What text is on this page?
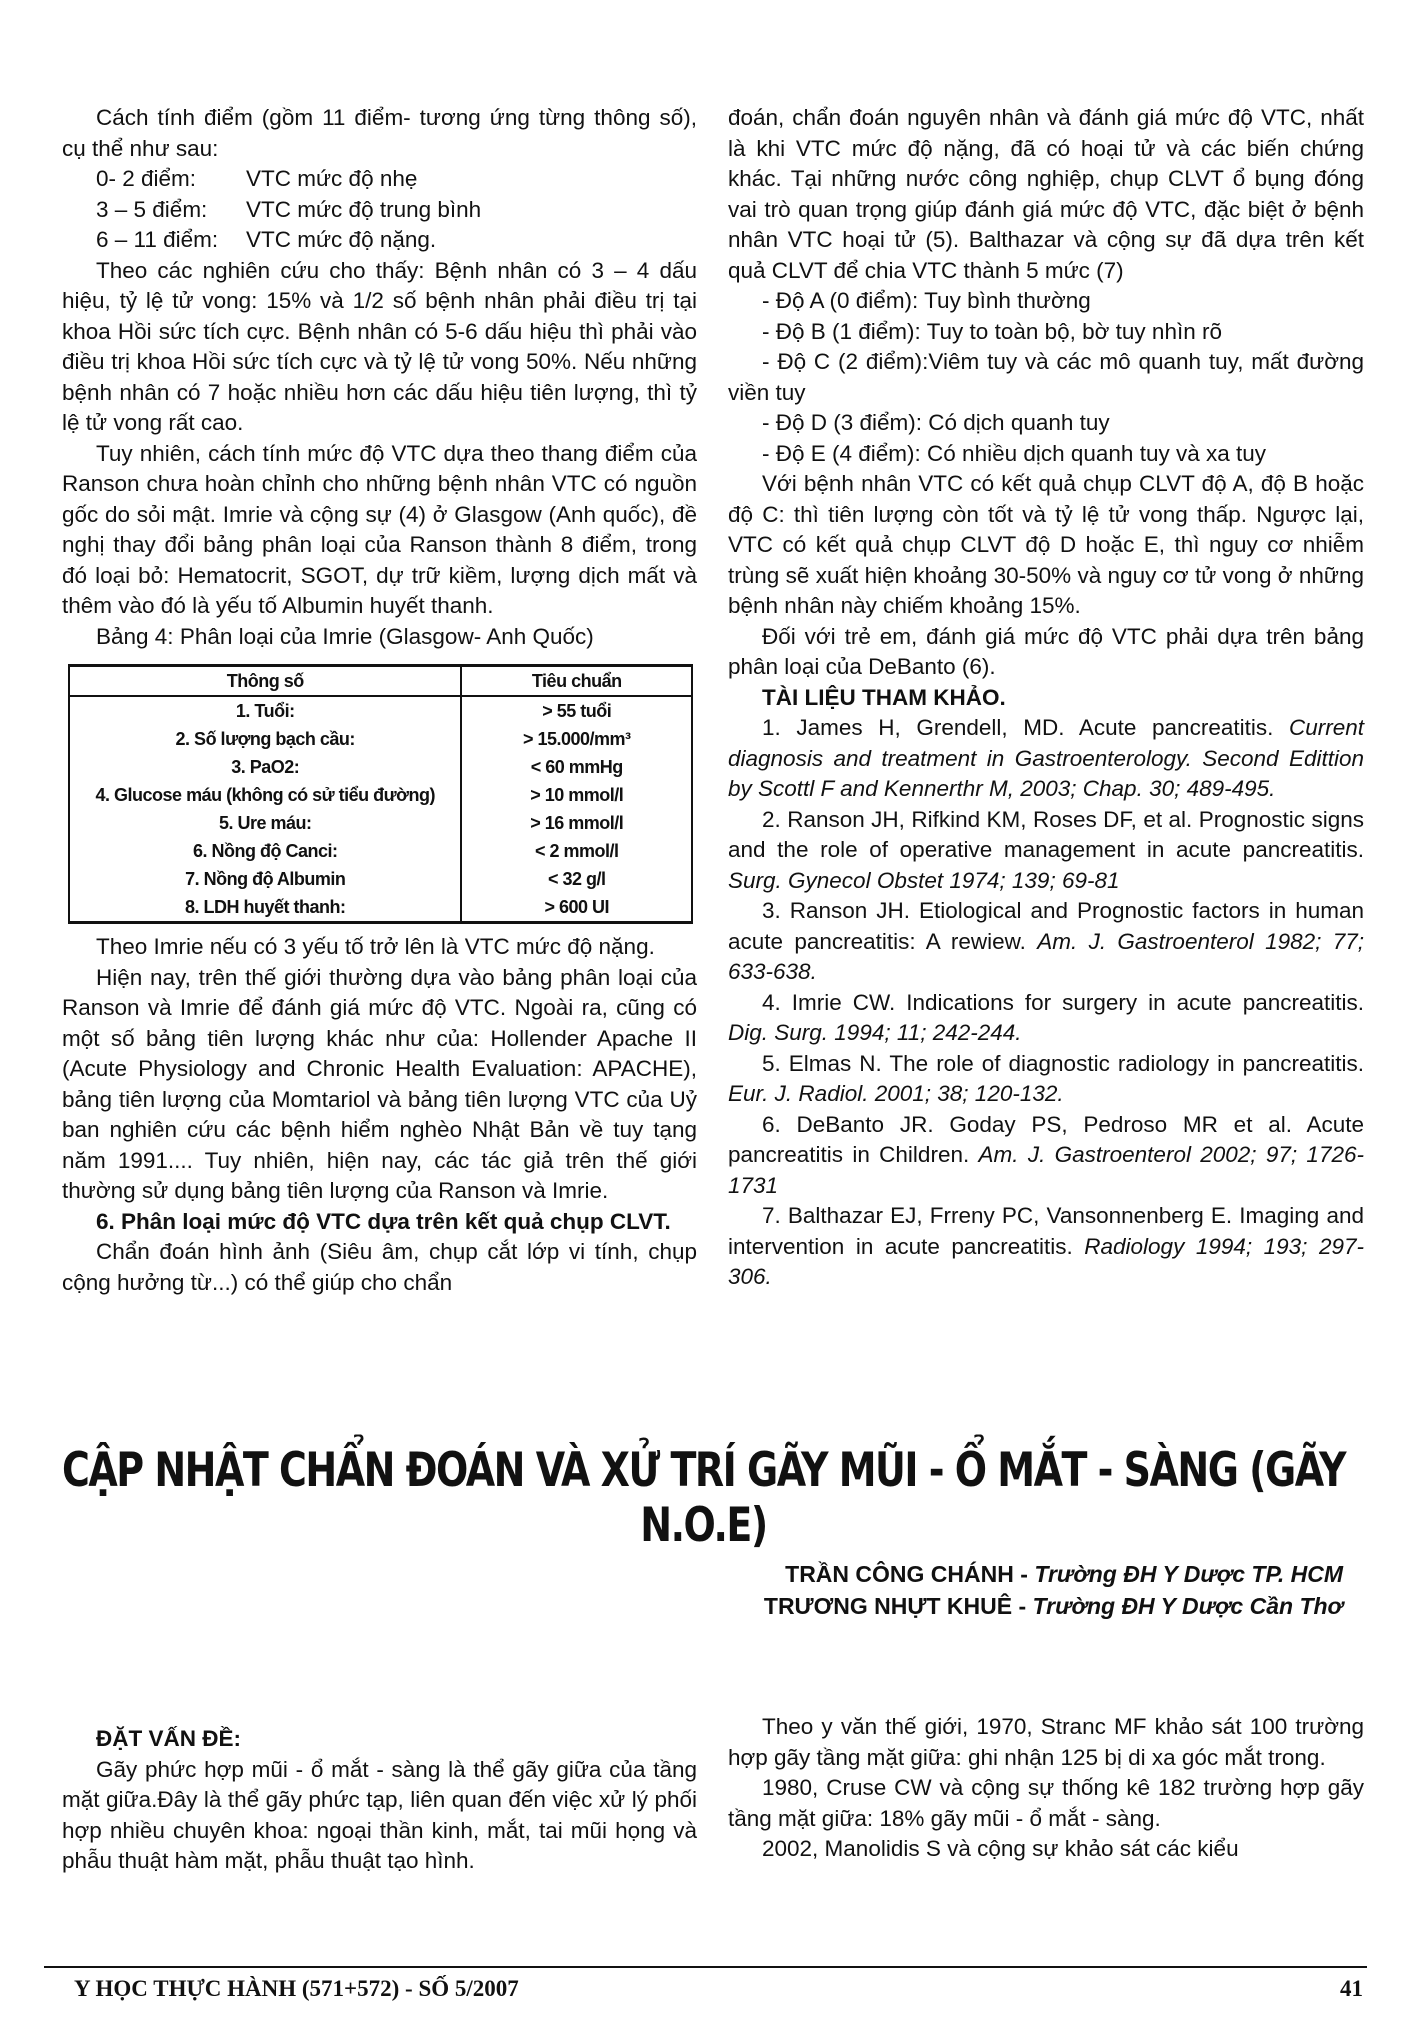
Cách tính điểm (gồm 11 điểm- tương ứng từng thông số), cụ thể như sau:

0- 2 điểm: VTC mức độ nhẹ
3 – 5 điểm: VTC mức độ trung bình
6 – 11 điểm: VTC mức độ nặng.

Theo các nghiên cứu cho thấy: Bệnh nhân có 3 – 4 dấu hiệu, tỷ lệ tử vong: 15% và 1/2 số bệnh nhân phải điều trị tại khoa Hồi sức tích cực. Bệnh nhân có 5-6 dấu hiệu thì phải vào điều trị khoa Hồi sức tích cực và tỷ lệ tử vong 50%. Nếu những bệnh nhân có 7 hoặc nhiều hơn các dấu hiệu tiên lượng, thì tỷ lệ tử vong rất cao.

Tuy nhiên, cách tính mức độ VTC dựa theo thang điểm của Ranson chưa hoàn chỉnh cho những bệnh nhân VTC có nguồn gốc do sỏi mật. Imrie và cộng sự (4) ở Glasgow (Anh quốc), đề nghị thay đổi bảng phân loại của Ranson thành 8 điểm, trong đó loại bỏ: Hematocrit, SGOT, dự trữ kiềm, lượng dịch mất và thêm vào đó là yếu tố Albumin huyết thanh.

Bảng 4: Phân loại của Imrie (Glasgow- Anh Quốc)

Thông số	Tiêu chuẩn
1. Tuổi:	> 55 tuổi
2. Số lượng bạch cầu:	> 15.000/mm³
3. PaO2:	< 60 mmHg
4. Glucose máu (không có sử tiểu đường)	> 10 mmol/l
5. Ure máu:	> 16 mmol/l
6. Nồng độ Canci:	< 2 mmol/l
7. Nồng độ Albumin	< 32 g/l
8. LDH huyết thanh:	> 600 UI

Theo Imrie nếu có 3 yếu tố trở lên là VTC mức độ nặng.

Hiện nay, trên thế giới thường dựa vào bảng phân loại của Ranson và Imrie để đánh giá mức độ VTC. Ngoài ra, cũng có một số bảng tiên lượng khác như của: Hollender Apache II (Acute Physiology and Chronic Health Evaluation: APACHE), bảng tiên lượng của Momtariol và bảng tiên lượng VTC của Uỷ ban nghiên cứu các bệnh hiểm nghèo Nhật Bản về tuy tạng năm 1991.... Tuy nhiên, hiện nay, các tác giả trên thế giới thường sử dụng bảng tiên lượng của Ranson và Imrie.

6. Phân loại mức độ VTC dựa trên kết quả chụp CLVT.

Chẩn đoán hình ảnh (Siêu âm, chụp cắt lớp vi tính, chụp cộng hưởng từ...) có thể giúp cho chẩn

đoán, chẩn đoán nguyên nhân và đánh giá mức độ VTC, nhất là khi VTC mức độ nặng, đã có hoại tử và các biến chứng khác. Tại những nước công nghiệp, chụp CLVT ổ bụng đóng vai trò quan trọng giúp đánh giá mức độ VTC, đặc biệt ở bệnh nhân VTC hoại tử (5). Balthazar và cộng sự đã dựa trên kết quả CLVT để chia VTC thành 5 mức (7)

- Độ A (0 điểm): Tuy bình thường

- Độ B (1 điểm): Tuy to toàn bộ, bờ tuy nhìn rõ

- Độ C (2 điểm):Viêm tuy và các mô quanh tuy, mất đường viền tuy

- Độ D (3 điểm): Có dịch quanh tuy

- Độ E (4 điểm): Có nhiều dịch quanh tuy và xa tuy

Với bệnh nhân VTC có kết quả chụp CLVT độ A, độ B hoặc độ C: thì tiên lượng còn tốt và tỷ lệ tử vong thấp. Ngược lại, VTC có kết quả chụp CLVT độ D hoặc E, thì nguy cơ nhiễm trùng sẽ xuất hiện khoảng 30-50% và nguy cơ tử vong ở những bệnh nhân này chiếm khoảng 15%.

Đối với trẻ em, đánh giá mức độ VTC phải dựa trên bảng phân loại của DeBanto (6).

TÀI LIỆU THAM KHẢO.

1. James H, Grendell, MD. Acute pancreatitis. Current diagnosis and treatment in Gastroenterology. Second Edittion by Scottl F and Kennerthr M, 2003; Chap. 30; 489-495.

2. Ranson JH, Rifkind KM, Roses DF, et al. Prognostic signs and the role of operative management in acute pancreatitis. Surg. Gynecol Obstet 1974; 139; 69-81

3. Ranson JH. Etiological and Prognostic factors in human acute pancreatitis: A rewiew. Am. J. Gastroenterol 1982; 77; 633-638.

4. Imrie CW. Indications for surgery in acute pancreatitis. Dig. Surg. 1994; 11; 242-244.

5. Elmas N. The role of diagnostic radiology in pancreatitis. Eur. J. Radiol. 2001; 38; 120-132.

6. DeBanto JR. Goday PS, Pedroso MR et al. Acute pancreatitis in Children. Am. J. Gastroenterol 2002; 97; 1726-1731

7. Balthazar EJ, Frreny PC, Vansonnenberg E. Imaging and intervention in acute pancreatitis. Radiology 1994; 193; 297-306.

CẬP NHẬT CHẨN ĐOÁN VÀ XỬ TRÍ GÃY MŨI - Ổ MẮT - SÀNG (GÃY N.O.E)
TRẦN CÔNG CHÁNH - Trường ĐH Y Dược TP. HCM
TRƯƠNG NHỰT KHUÊ - Trường ĐH Y Dược Cần Thơ

ĐẶT VẤN ĐỀ:

Gãy phức hợp mũi - ổ mắt - sàng là thể gãy giữa của tầng mặt giữa.Đây là thể gãy phức tạp, liên quan đến việc xử lý phối hợp nhiều chuyên khoa: ngoại thần kinh, mắt, tai mũi họng và phẫu thuật hàm mặt, phẫu thuật tạo hình.

Theo y văn thế giới, 1970, Stranc MF khảo sát 100 trường hợp gãy tầng mặt giữa: ghi nhận 125 bị di xa góc mắt trong.

1980, Cruse CW và cộng sự thống kê 182 trường hợp gãy tầng mặt giữa: 18% gãy mũi - ổ mắt - sàng.

2002, Manolidis S và cộng sự khảo sát các kiểu

Y HỌC THỰC HÀNH (571+572) - SỐ 5/2007	41
